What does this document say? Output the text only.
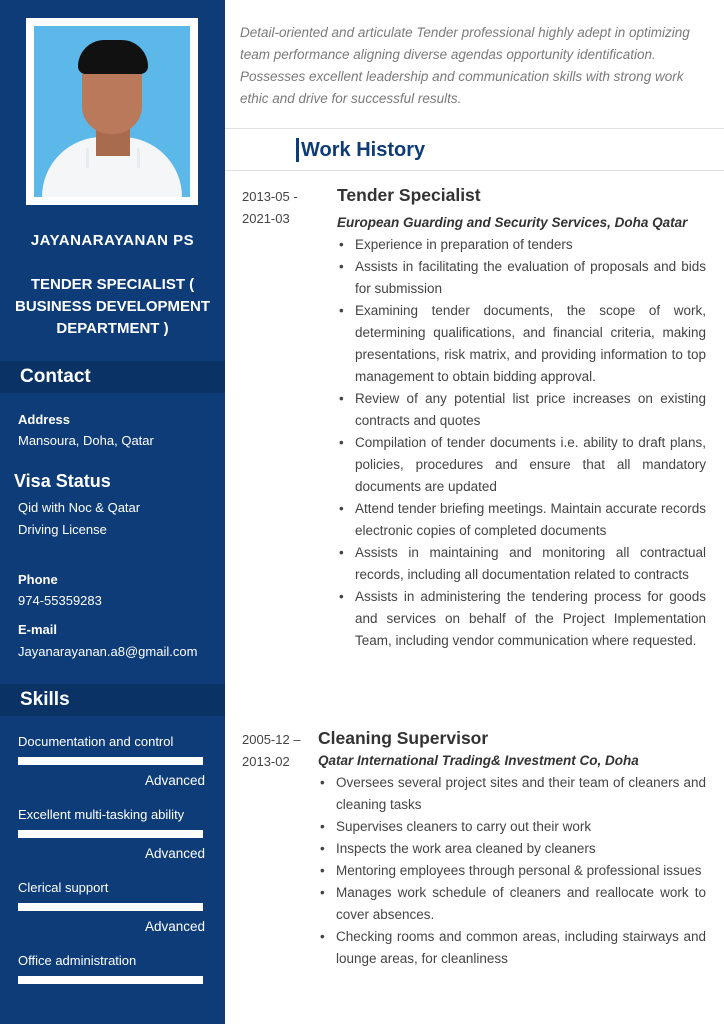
JAYANARAYANAN PS
TENDER SPECIALIST (
BUSINESS DEVELOPMENT
DEPARTMENT )
Contact
Address
Mansoura, Doha, Qatar
Visa Status
Qid with Noc & Qatar
Driving License
Phone
974-55359283
E-mail
Jayanarayanan.a8@gmail.com
Skills
Documentation and control
Advanced
Excellent multi-tasking ability
Advanced
Clerical support
Advanced
Office administration
Detail-oriented and articulate Tender professional highly adept in optimizing team performance aligning diverse agendas opportunity identification. Possesses excellent leadership and communication skills with strong work ethic and drive for successful results.
Work History
2013-05 -
2021-03
Tender Specialist
European Guarding and Security Services, Doha Qatar
• Experience in preparation of tenders
• Assists in facilitating the evaluation of proposals and bids for submission
• Examining tender documents, the scope of work, determining qualifications, and financial criteria, making presentations, risk matrix, and providing information to top management to obtain bidding approval.
• Review of any potential list price increases on existing contracts and quotes
• Compilation of tender documents i.e. ability to draft plans, policies, procedures and ensure that all mandatory documents are updated
• Attend tender briefing meetings. Maintain accurate records electronic copies of completed documents
• Assists in maintaining and monitoring all contractual records, including all documentation related to contracts
• Assists in administering the tendering process for goods and services on behalf of the Project Implementation Team, including vendor communication where requested.
2005-12 –
2013-02
Cleaning Supervisor
Qatar International Trading& Investment Co, Doha
• Oversees several project sites and their team of cleaners and cleaning tasks
• Supervises cleaners to carry out their work
• Inspects the work area cleaned by cleaners
• Mentoring employees through personal & professional issues
• Manages work schedule of cleaners and reallocate work to cover absences.
• Checking rooms and common areas, including stairways and lounge areas, for cleanliness
